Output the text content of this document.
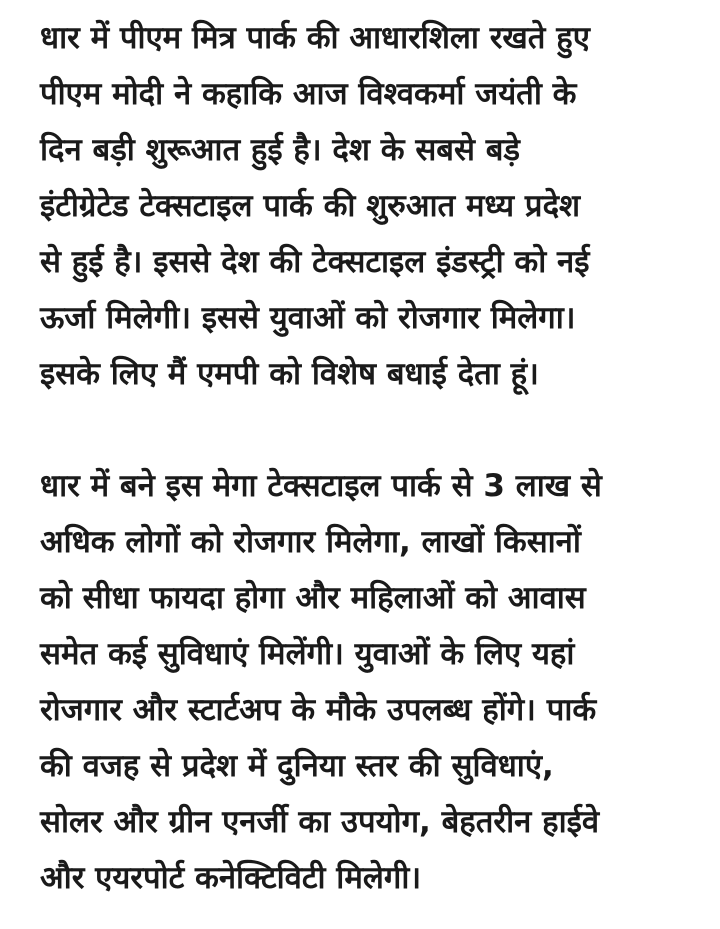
धार में पीएम मित्र पार्क की आधारशिला रखते हुए
पीएम मोदी ने कहाकि आज विश्वकर्मा जयंती के
दिन बड़ी शुरूआत हुई है। देश के सबसे बड़े
इंटीग्रेटेड टेक्सटाइल पार्क की शुरुआत मध्य प्रदेश
से हुई है। इससे देश की टेक्सटाइल इंडस्ट्री को नई
ऊर्जा मिलेगी। इससे युवाओं को रोजगार मिलेगा।
इसके लिए मैं एमपी को विशेष बधाई देता हूं।

धार में बने इस मेगा टेक्सटाइल पार्क से 3 लाख से
अधिक लोगों को रोजगार मिलेगा, लाखों किसानों
को सीधा फायदा होगा और महिलाओं को आवास
समेत कई सुविधाएं मिलेंगी। युवाओं के लिए यहां
रोजगार और स्टार्टअप के मौके उपलब्ध होंगे। पार्क
की वजह से प्रदेश में दुनिया स्तर की सुविधाएं,
सोलर और ग्रीन एनर्जी का उपयोग, बेहतरीन हाईवे
और एयरपोर्ट कनेक्टिविटी मिलेगी।
